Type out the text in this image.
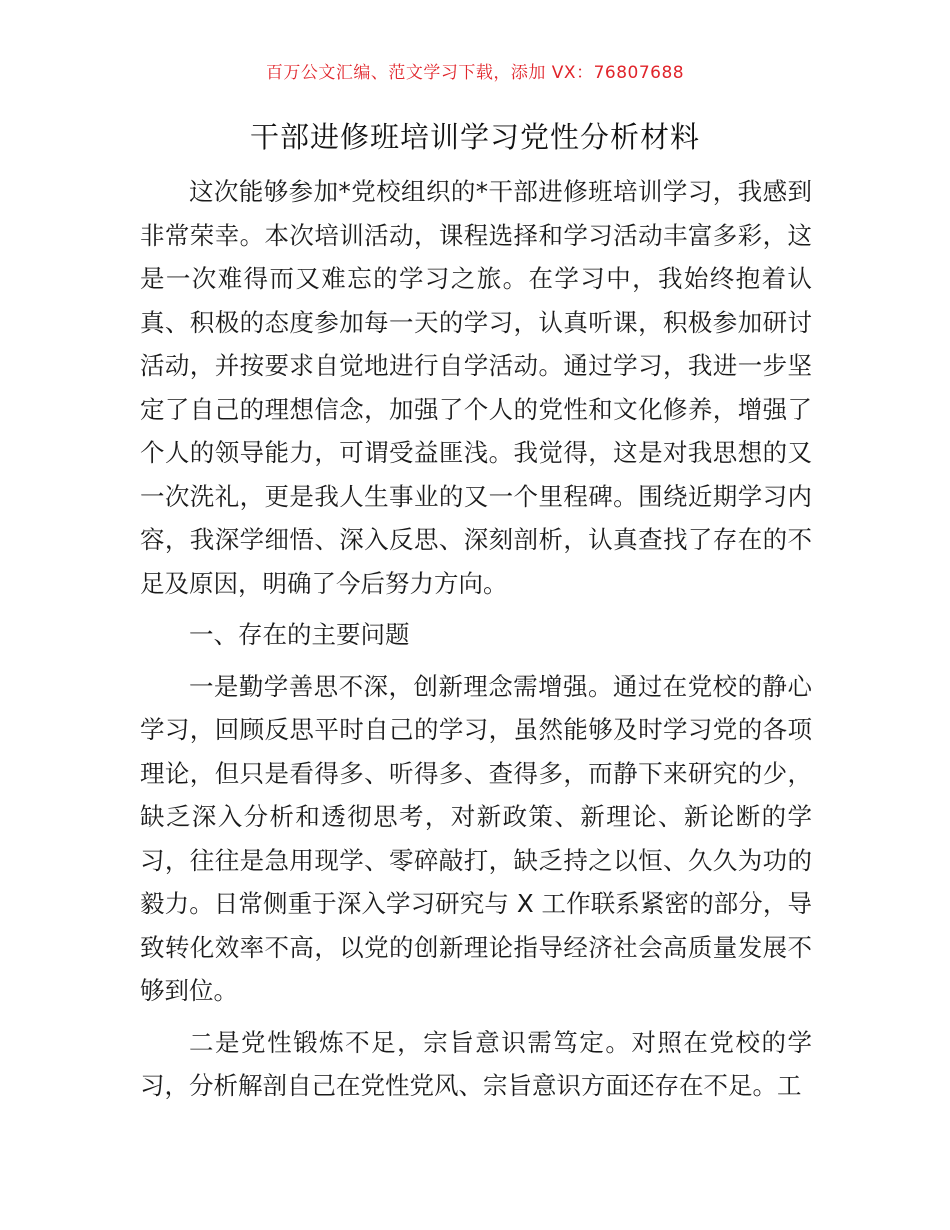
百万公文汇编、范文学习下载，添加 VX：76807688
干部进修班培训学习党性分析材料

这次能够参加*党校组织的*干部进修班培训学习，我感到非常荣幸。本次培训活动，课程选择和学习活动丰富多彩，这是一次难得而又难忘的学习之旅。在学习中，我始终抱着认真、积极的态度参加每一天的学习，认真听课，积极参加研讨活动，并按要求自觉地进行自学活动。通过学习，我进一步坚定了自己的理想信念，加强了个人的党性和文化修养，增强了个人的领导能力，可谓受益匪浅。我觉得，这是对我思想的又一次洗礼，更是我人生事业的又一个里程碑。围绕近期学习内容，我深学细悟、深入反思、深刻剖析，认真查找了存在的不足及原因，明确了今后努力方向。

一、存在的主要问题

一是勤学善思不深，创新理念需增强。通过在党校的静心学习，回顾反思平时自己的学习，虽然能够及时学习党的各项理论，但只是看得多、听得多、查得多，而静下来研究的少，缺乏深入分析和透彻思考，对新政策、新理论、新论断的学习，往往是急用现学、零碎敲打，缺乏持之以恒、久久为功的毅力。日常侧重于深入学习研究与 X 工作联系紧密的部分，导致转化效率不高，以党的创新理论指导经济社会高质量发展不够到位。

二是党性锻炼不足，宗旨意识需笃定。对照在党校的学习，分析解剖自己在党性党风、宗旨意识方面还存在不足。工
